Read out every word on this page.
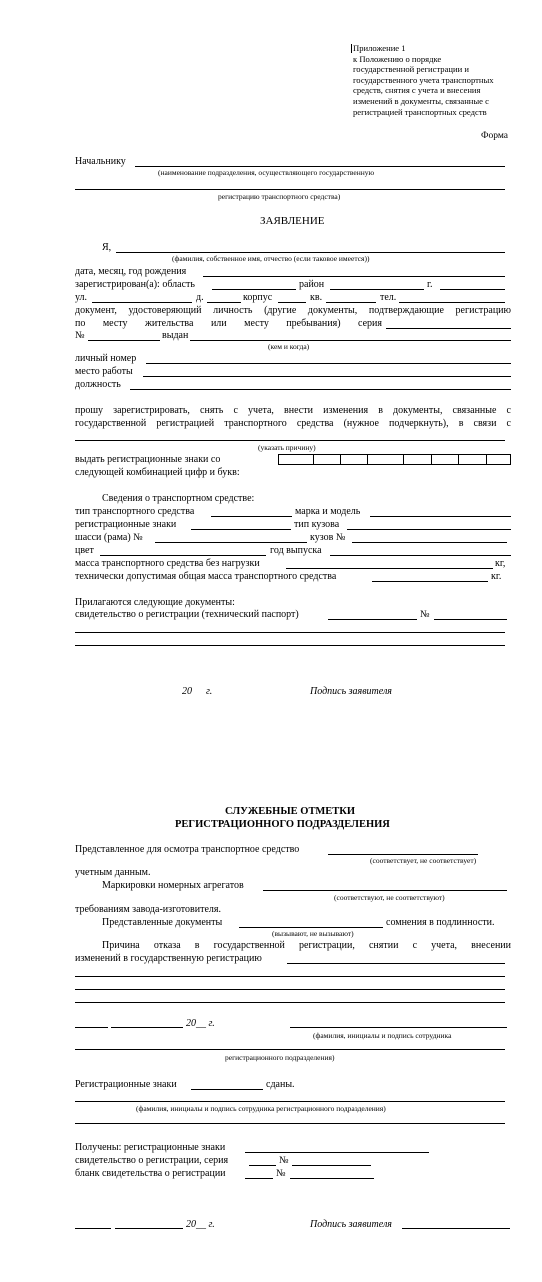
Приложение 1
к Положению о порядке
государственной регистрации и
государственного учета транспортных
средств, снятия с учета и внесения
изменений в документы, связанные с
регистрацией транспортных средств
Форма
Начальнику
(наименование подразделения, осуществляющего государственную
регистрацию транспортного средства)
ЗАЯВЛЕНИЕ
Я,
(фамилия, собственное имя, отчество (если таковое имеется))
дата, месяц, год рождения
зарегистрирован(а): область	район	г.
ул.	д.	корпус	кв.	тел.
документ, удостоверяющий личность (другие документы, подтверждающие регистрацию
по месту жительства или месту пребывания) серия
№	выдан
(кем и когда)
личный номер
место работы
должность
прошу зарегистрировать, снять с учета, внести изменения в документы, связанные с
государственной регистрацией транспортного средства (нужное подчеркнуть), в связи с
(указать причину)
выдать регистрационные знаки со
следующей комбинацией цифр и букв:
Сведения о транспортном средстве:
тип транспортного средства	марка и модель
регистрационные знаки	тип кузова
шасси (рама) №	кузов №
цвет	год выпуска
масса транспортного средства без нагрузки	кг,
технически допустимая общая масса транспортного средства	кг.
Прилагаются следующие документы:
свидетельство о регистрации (технический паспорт)	№
20 г.	Подпись заявителя
СЛУЖЕБНЫЕ ОТМЕТКИ
РЕГИСТРАЦИОННОГО ПОДРАЗДЕЛЕНИЯ
Представленное для осмотра транспортное средство
(соответствует, не соответствует)
учетным данным.
Маркировки номерных агрегатов
(соответствуют, не соответствуют)
требованиям завода-изготовителя.
Представленные документы	сомнения в подлинности.
(вызывают, не вызывают)
Причина отказа в государственной регистрации, снятии с учета, внесении
изменений в государственную регистрацию
20__ г.
(фамилия, инициалы и подпись сотрудника
регистрационного подразделения)
Регистрационные знаки	сданы.
(фамилия, инициалы и подпись сотрудника регистрационного подразделения)
Получены: регистрационные знаки
свидетельство о регистрации, серия	№
бланк свидетельства о регистрации	№
20__ г.	Подпись заявителя
